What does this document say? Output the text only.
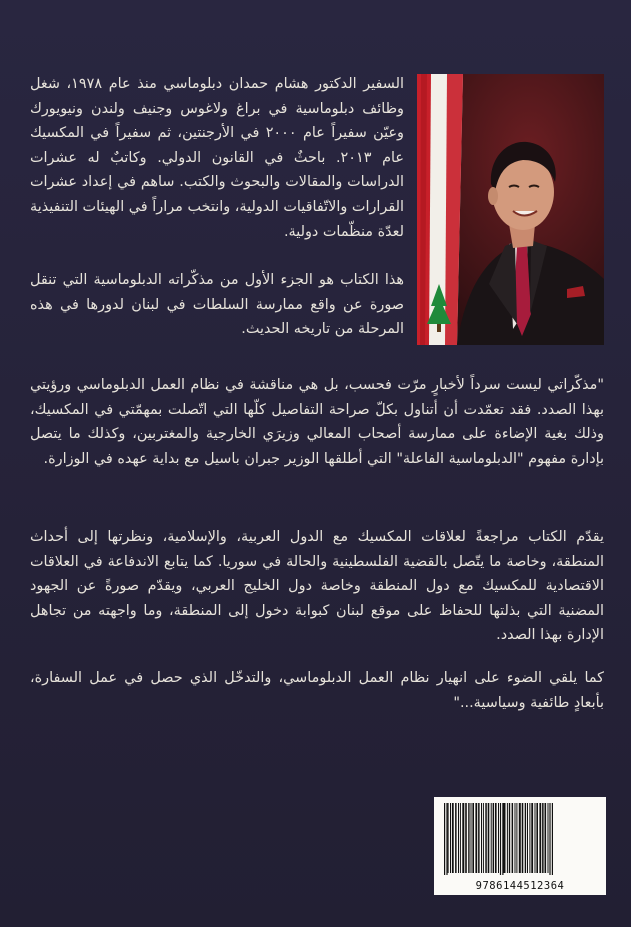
السفير الدكتور هشام حمدان دبلوماسي منذ عام ١٩٧٨، شغل وظائف دبلوماسية في براغ ولاغوس وجنيف ولندن ونيويورك وعيّن سفيراً عام ٢٠٠٠ في الأرجنتين، ثم سفيراً في المكسيك عام ٢٠١٣. باحثٌ في القانون الدولي. وكاتبٌ له عشرات الدراسات والمقالات والبحوث والكتب. ساهم في إعداد عشرات القرارات والاتّفاقيات الدولية، وانتخب مراراً في الهيئات التنفيذية لعدّة منظّمات دولية.

هذا الكتاب هو الجزء الأول من مذكّراته الدبلوماسية التي تنقل صورة عن واقع ممارسة السلطات في لبنان لدورها في هذه المرحلة من تاريخه الحديث.

"مذكّراتي ليست سرداً لأخبارٍ مرّت فحسب، بل هي مناقشة في نظام العمل الدبلوماسي ورؤيتي بهذا الصدد. فقد تعمّدت أن أتناول بكلّ صراحة التفاصيل كلّها التي اتّصلت بمهمّتي في المكسيك، وذلك بغية الإضاءة على ممارسة أصحاب المعالي وزيرَي الخارجية والمغتربين، وكذلك ما يتصل بإدارة مفهوم "الدبلوماسية الفاعلة" التي أطلقها الوزير جبران باسيل مع بداية عهده في الوزارة.

يقدّم الكتاب مراجعةً لعلاقات المكسيك مع الدول العربية، والإسلامية، ونظرتها إلى أحداث المنطقة، وخاصة ما يتّصل بالقضية الفلسطينية والحالة في سوريا. كما يتابع الاندفاعة في العلاقات الاقتصادية للمكسيك مع دول المنطقة وخاصة دول الخليج العربي، ويقدّم صورةً عن الجهود المضنية التي بذلتها للحفاظ على موقع لبنان كبوابة دخول إلى المنطقة، وما واجهته من تجاهل الإدارة بهذا الصدد.

كما يلقي الضوء على انهيار نظام العمل الدبلوماسي، والتدخّل الذي حصل في عمل السفارة، بأبعادٍ طائفية وسياسية..."

9786144512364
